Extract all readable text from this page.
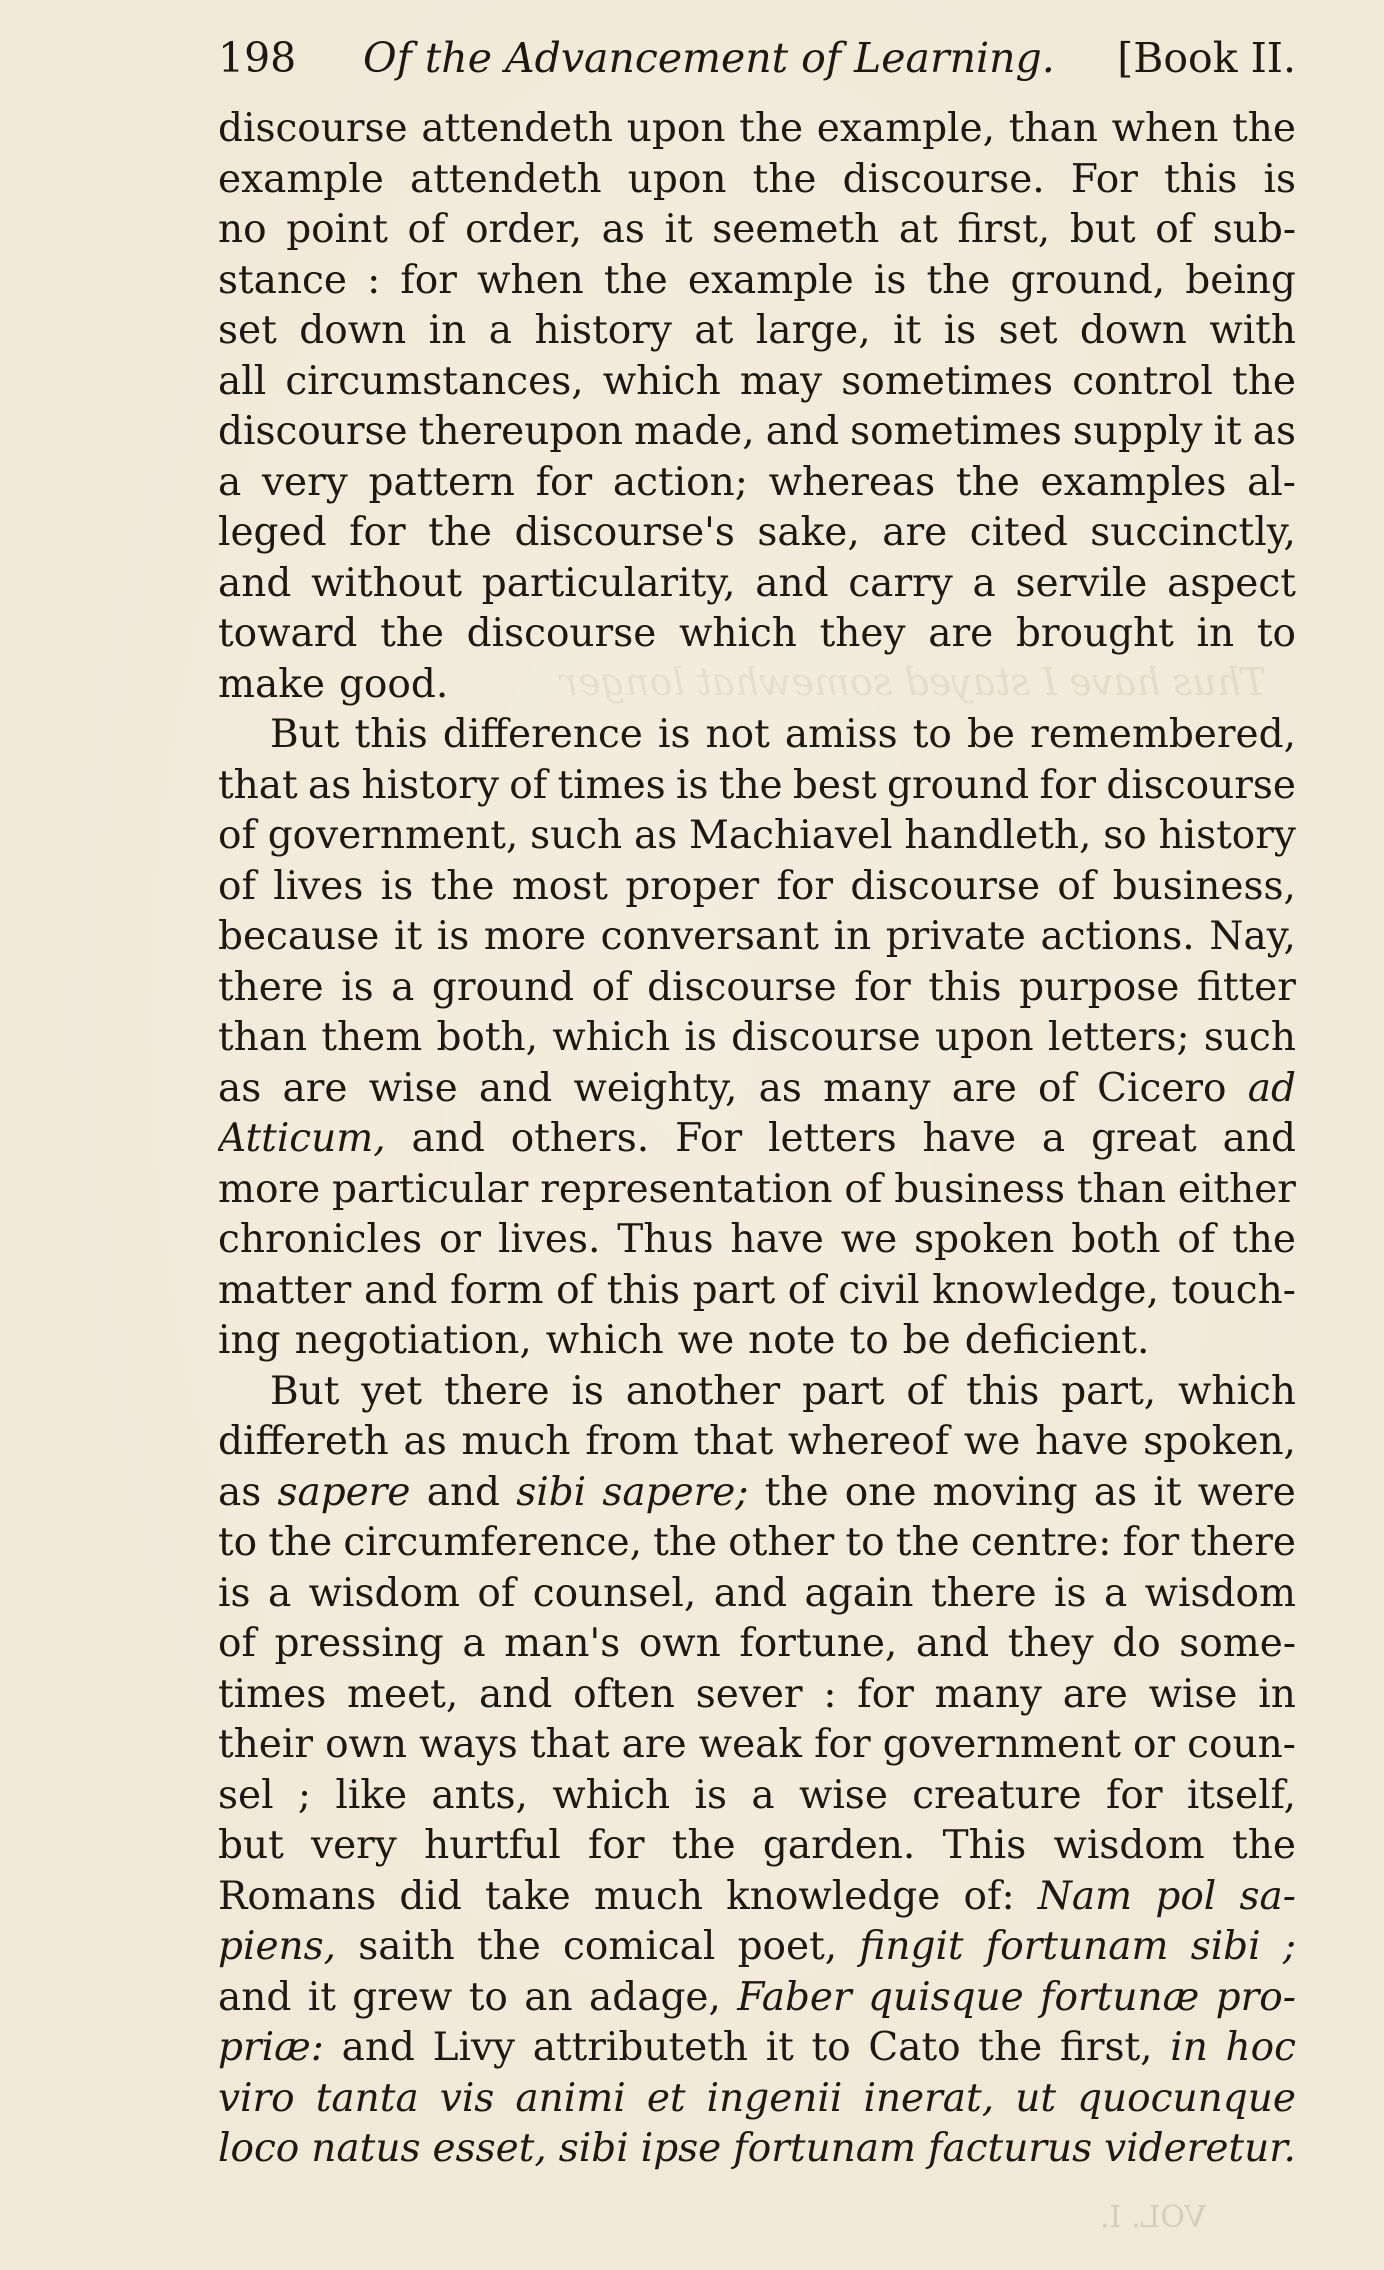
198 Of the Advancement of Learning. [Book II.
Thus have I stayed somewhat longer
discourse attendeth upon the example, than when the
example attendeth upon the discourse. For this is
no point of order, as it seemeth at first, but of sub-
stance : for when the example is the ground, being
set down in a history at large, it is set down with
all circumstances, which may sometimes control the
discourse thereupon made, and sometimes supply it as
a very pattern for action; whereas the examples al-
leged for the discourse's sake, are cited succinctly,
and without particularity, and carry a servile aspect
toward the discourse which they are brought in to
make good.
But this difference is not amiss to be remembered,
that as history of times is the best ground for discourse
of government, such as Machiavel handleth, so history
of lives is the most proper for discourse of business,
because it is more conversant in private actions. Nay,
there is a ground of discourse for this purpose fitter
than them both, which is discourse upon letters; such
as are wise and weighty, as many are of Cicero ad
Atticum, and others. For letters have a great and
more particular representation of business than either
chronicles or lives. Thus have we spoken both of the
matter and form of this part of civil knowledge, touch-
ing negotiation, which we note to be deficient.
But yet there is another part of this part, which
differeth as much from that whereof we have spoken,
as sapere and sibi sapere; the one moving as it were
to the circumference, the other to the centre: for there
is a wisdom of counsel, and again there is a wisdom
of pressing a man's own fortune, and they do some-
times meet, and often sever : for many are wise in
their own ways that are weak for government or coun-
sel ; like ants, which is a wise creature for itself,
but very hurtful for the garden. This wisdom the
Romans did take much knowledge of: Nam pol sa-
piens, saith the comical poet, fingit fortunam sibi ;
and it grew to an adage, Faber quisque fortunæ pro-
priæ: and Livy attributeth it to Cato the first, in hoc
viro tanta vis animi et ingenii inerat, ut quocunque
loco natus esset, sibi ipse fortunam facturus videretur.
VOL. I.
